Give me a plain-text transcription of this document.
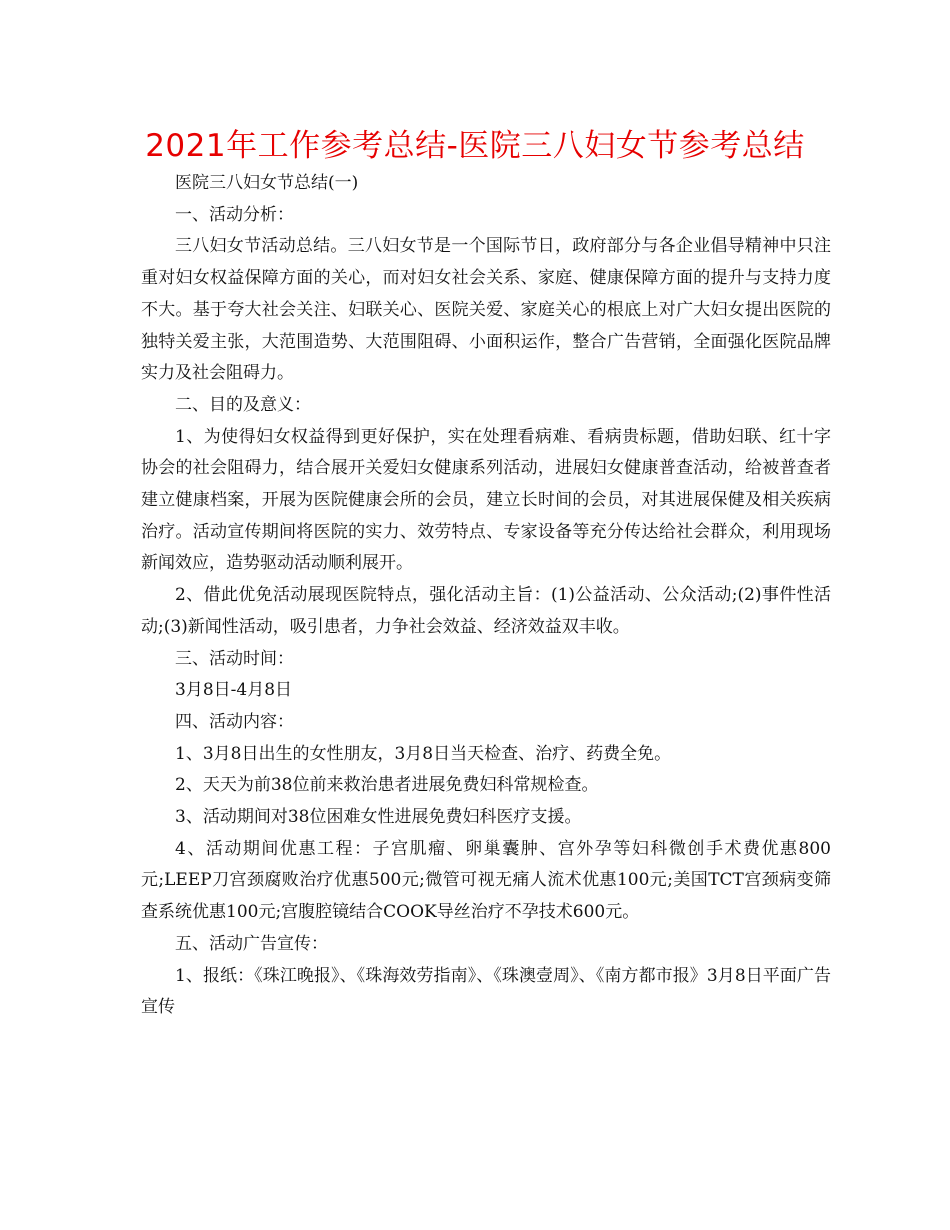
2021年工作参考总结-医院三八妇女节参考总结

医院三八妇女节总结(一)

一、活动分析：

三八妇女节活动总结。三八妇女节是一个国际节日，政府部分与各企业倡导精神中只注重对妇女权益保障方面的关心，而对妇女社会关系、家庭、健康保障方面的提升与支持力度不大。基于夸大社会关注、妇联关心、医院关爱、家庭关心的根底上对广大妇女提出医院的独特关爱主张，大范围造势、大范围阻碍、小面积运作，整合广告营销，全面强化医院品牌实力及社会阻碍力。

二、目的及意义：

1、为使得妇女权益得到更好保护，实在处理看病难、看病贵标题，借助妇联、红十字协会的社会阻碍力，结合展开关爱妇女健康系列活动，进展妇女健康普查活动，给被普查者建立健康档案，开展为医院健康会所的会员，建立长时间的会员，对其进展保健及相关疾病治疗。活动宣传期间将医院的实力、效劳特点、专家设备等充分传达给社会群众，利用现场新闻效应，造势驱动活动顺利展开。

2、借此优免活动展现医院特点，强化活动主旨：(1)公益活动、公众活动;(2)事件性活动;(3)新闻性活动，吸引患者，力争社会效益、经济效益双丰收。

三、活动时间：

3月8日-4月8日

四、活动内容：

1、3月8日出生的女性朋友，3月8日当天检查、治疗、药费全免。

2、天天为前38位前来救治患者进展免费妇科常规检查。

3、活动期间对38位困难女性进展免费妇科医疗支援。

4、活动期间优惠工程：子宫肌瘤、卵巢囊肿、宫外孕等妇科微创手术费优惠800元;LEEP刀宫颈腐败治疗优惠500元;微管可视无痛人流术优惠100元;美国TCT宫颈病变筛查系统优惠100元;宫腹腔镜结合COOK导丝治疗不孕技术600元。

五、活动广告宣传：

1、报纸：《珠江晚报》、《珠海效劳指南》、《珠澳壹周》、《南方都市报》3月8日平面广告宣传
